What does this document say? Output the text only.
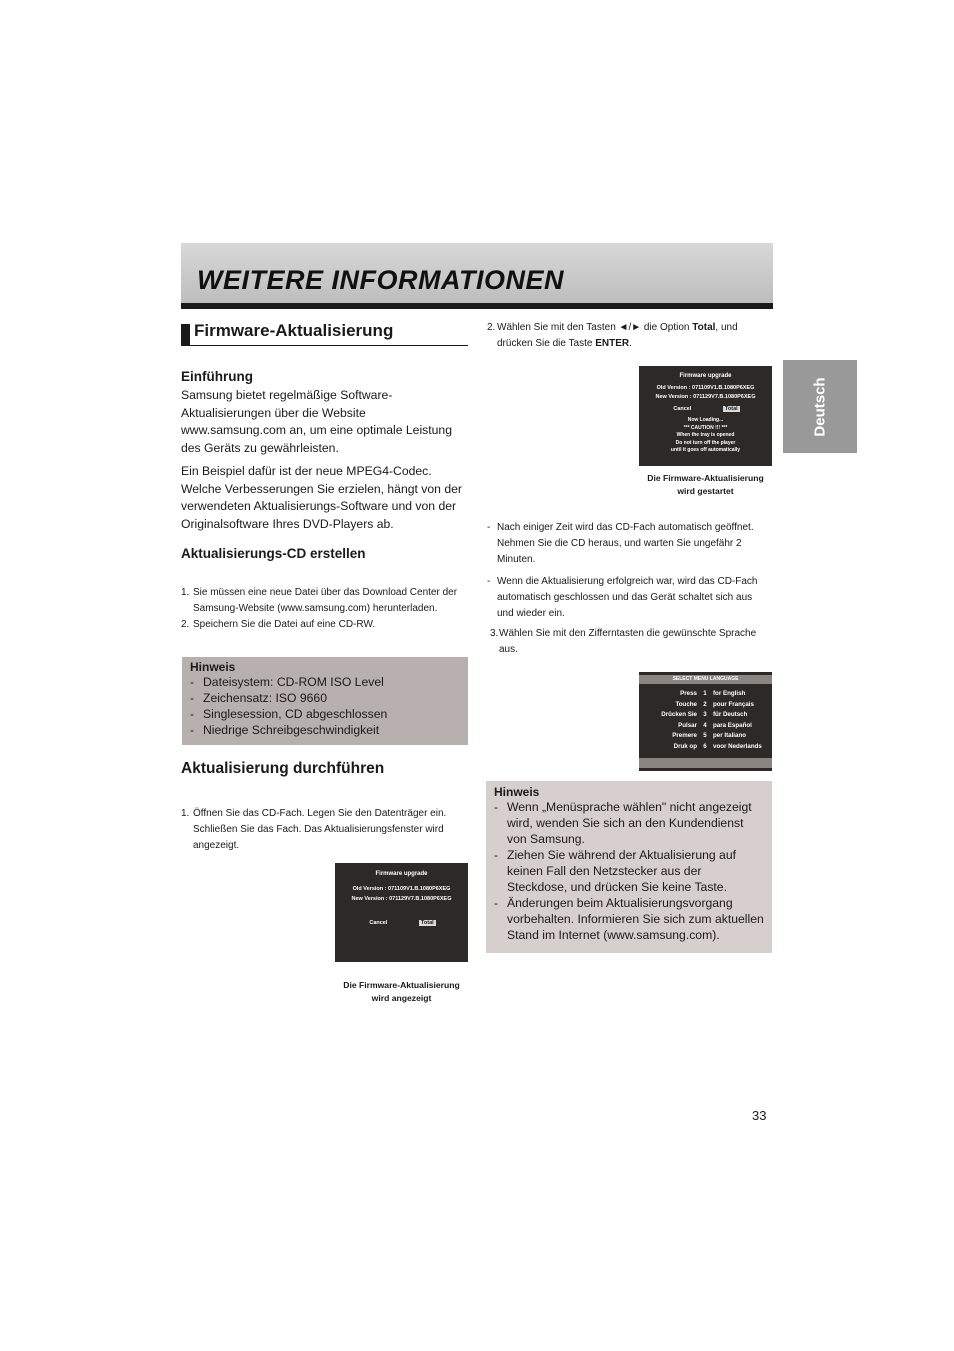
WEITERE INFORMATIONEN
Deutsch
Firmware-Aktualisierung
Einführung
Samsung bietet regelmäßige Software-Aktualisierungen über die Website www.samsung.com an, um eine optimale Leistung des Geräts zu gewährleisten.
Ein Beispiel dafür ist der neue MPEG4-Codec. Welche Verbesserungen Sie erzielen, hängt von der verwendeten Aktualisierungs-Software und von der Originalsoftware Ihres DVD-Players ab.
Aktualisierungs-CD erstellen
1. Sie müssen eine neue Datei über das Download Center der Samsung-Website (www.samsung.com) herunterladen.
2. Speichern Sie die Datei auf eine CD-RW.
Hinweis
- Dateisystem: CD-ROM ISO Level
- Zeichensatz: ISO 9660
- Singlesession, CD abgeschlossen
- Niedrige Schreibgeschwindigkeit
Aktualisierung durchführen
1. Öffnen Sie das CD-Fach. Legen Sie den Datenträger ein. Schließen Sie das Fach. Das Aktualisierungsfenster wird angezeigt.
Firmware upgrade
Old Version : 071109V1.B.1080P6XEG
New Version : 071129V7.B.1080P6XEG
Cancel	Total
Die Firmware-Aktualisierung
wird angezeigt
2. Wählen Sie mit den Tasten ◄/► die Option Total, und drücken Sie die Taste ENTER.
Firmware upgrade
Old Version : 071109V1.B.1080P6XEG
New Version : 071129V7.B.1080P6XEG
Cancel	Total
Now Loading...
*** CAUTION !!! ***
When the tray is opened
Do not turn off the player
until it goes off automatically
Die Firmware-Aktualisierung
wird gestartet
- Nach einiger Zeit wird das CD-Fach automatisch geöffnet. Nehmen Sie die CD heraus, und warten Sie ungefähr 2 Minuten.
- Wenn die Aktualisierung erfolgreich war, wird das CD-Fach automatisch geschlossen und das Gerät schaltet sich aus und wieder ein.
3. Wählen Sie mit den Zifferntasten die gewünschte Sprache aus.
SELECT MENU LANGUAGE
Press	1	for English
Touche	2	pour Français
Drücken Sie	3	für Deutsch
Pulsar	4	para Español
Premere	5	per Italiano
Druk op	6	voor Nederlands
Hinweis
- Wenn „Menüsprache wählen" nicht angezeigt wird, wenden Sie sich an den Kundendienst von Samsung.
- Ziehen Sie während der Aktualisierung auf keinen Fall den Netzstecker aus der Steckdose, und drücken Sie keine Taste.
- Änderungen beim Aktualisierungsvorgang vorbehalten. Informieren Sie sich zum aktuellen Stand im Internet (www.samsung.com).
33
